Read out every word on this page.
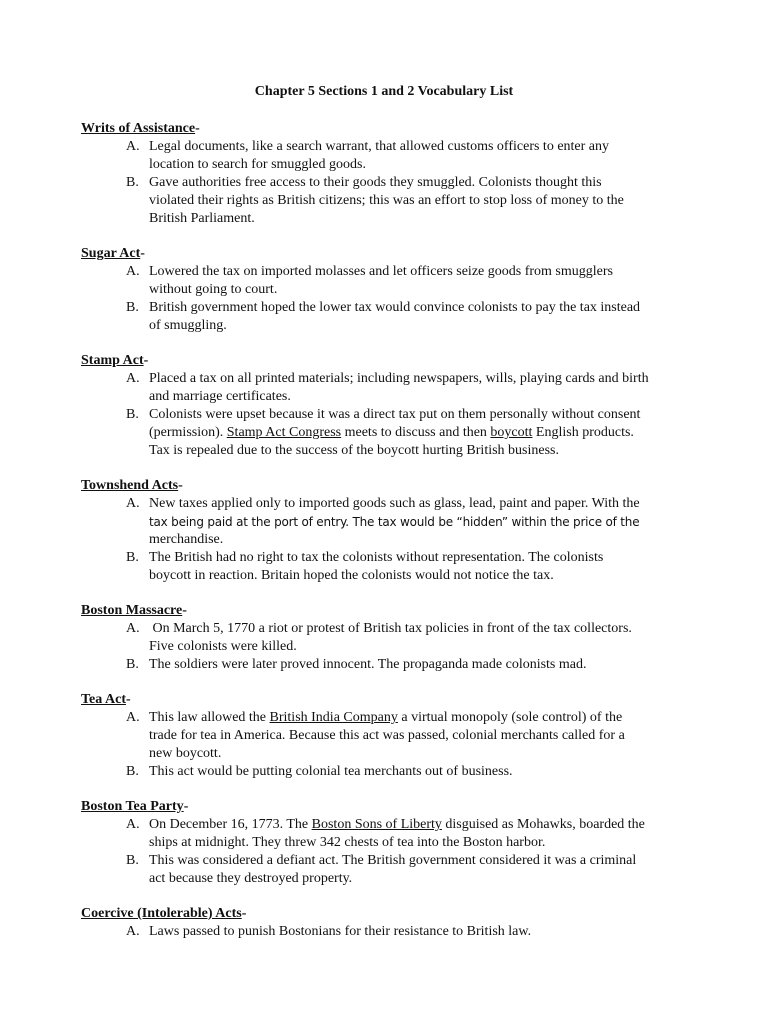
Chapter 5 Sections 1 and 2 Vocabulary List
Writs of Assistance-
A. Legal documents, like a search warrant, that allowed customs officers to enter any
location to search for smuggled goods.
B. Gave authorities free access to their goods they smuggled. Colonists thought this
violated their rights as British citizens; this was an effort to stop loss of money to the
British Parliament.
Sugar Act-
A. Lowered the tax on imported molasses and let officers seize goods from smugglers
without going to court.
B. British government hoped the lower tax would convince colonists to pay the tax instead
of smuggling.
Stamp Act-
A. Placed a tax on all printed materials; including newspapers, wills, playing cards and birth
and marriage certificates.
B. Colonists were upset because it was a direct tax put on them personally without consent
(permission). Stamp Act Congress meets to discuss and then boycott English products.
Tax is repealed due to the success of the boycott hurting British business.
Townshend Acts-
A. New taxes applied only to imported goods such as glass, lead, paint and paper. With the
tax being paid at the port of entry. The tax would be “hidden” within the price of the
merchandise.
B. The British had no right to tax the colonists without representation. The colonists
boycott in reaction. Britain hoped the colonists would not notice the tax.
Boston Massacre-
A. On March 5, 1770 a riot or protest of British tax policies in front of the tax collectors.
Five colonists were killed.
B. The soldiers were later proved innocent. The propaganda made colonists mad.
Tea Act-
A. This law allowed the British India Company a virtual monopoly (sole control) of the
trade for tea in America. Because this act was passed, colonial merchants called for a
new boycott.
B. This act would be putting colonial tea merchants out of business.
Boston Tea Party-
A. On December 16, 1773. The Boston Sons of Liberty disguised as Mohawks, boarded the
ships at midnight. They threw 342 chests of tea into the Boston harbor.
B. This was considered a defiant act. The British government considered it was a criminal
act because they destroyed property.
Coercive (Intolerable) Acts-
A. Laws passed to punish Bostonians for their resistance to British law.
